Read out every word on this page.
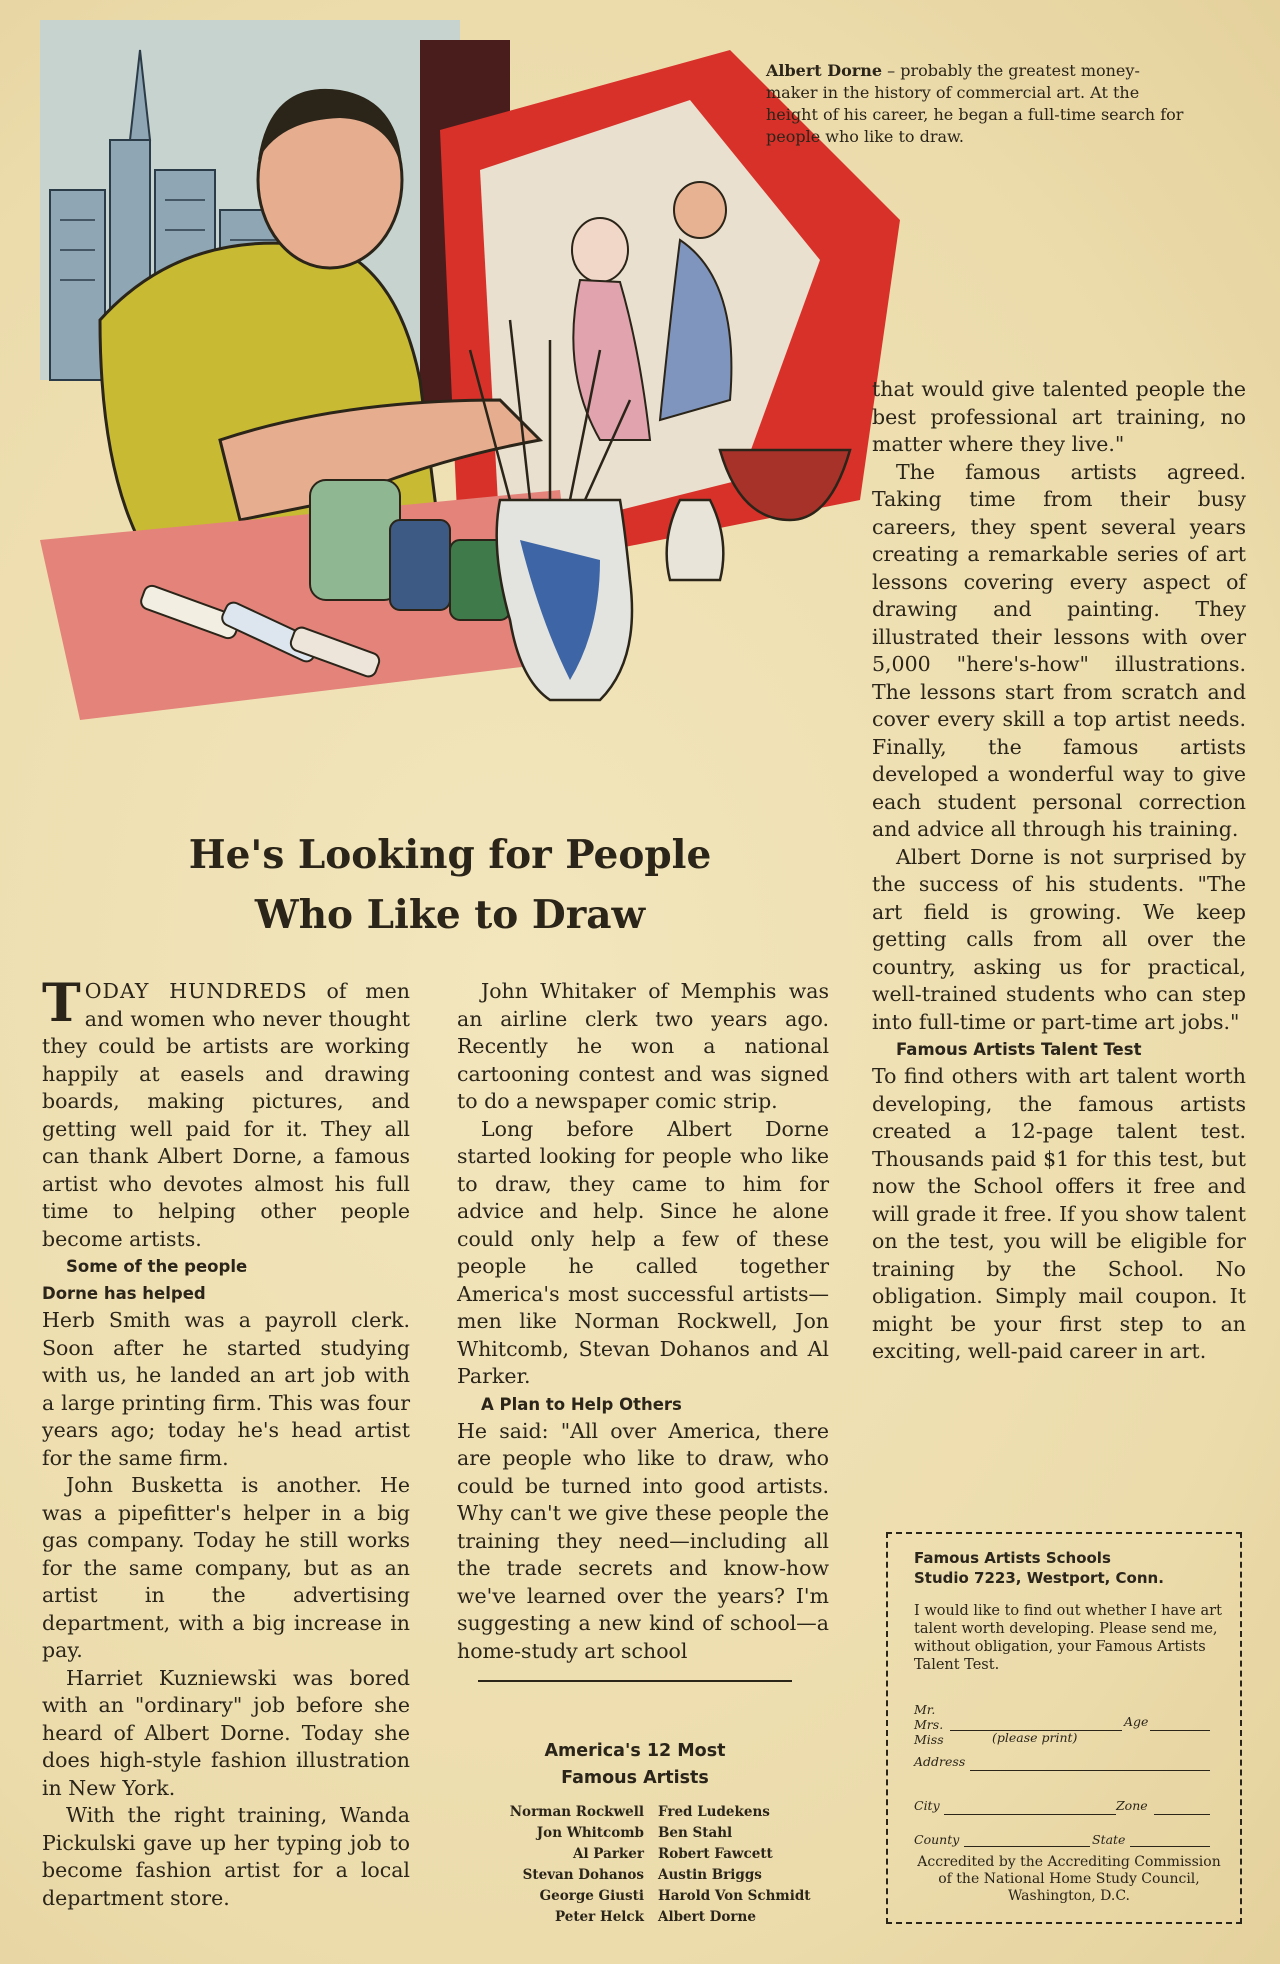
Albert Dorne – probably the greatest money-maker in the history of commercial art. At the height of his career, he began a full-time search for people who like to draw.
He's Looking for People
Who Like to Draw

TODAY HUNDREDS of men and women who never thought they could be artists are working happily at easels and drawing boards, making pictures, and getting well paid for it. They all can thank Albert Dorne, a famous artist who devotes almost his full time to helping other people become artists.

Some of the people
Dorne has helped

Herb Smith was a payroll clerk. Soon after he started studying with us, he landed an art job with a large printing firm. This was four years ago; today he's head artist for the same firm.

John Busketta is another. He was a pipefitter's helper in a big gas company. Today he still works for the same company, but as an artist in the advertising department, with a big increase in pay.

Harriet Kuzniewski was bored with an "ordinary" job before she heard of Albert Dorne. Today she does high-style fashion illustration in New York.

With the right training, Wanda Pickulski gave up her typing job to become fashion artist for a local department store.

John Whitaker of Memphis was an airline clerk two years ago. Recently he won a national cartooning contest and was signed to do a newspaper comic strip.

Long before Albert Dorne started looking for people who like to draw, they came to him for advice and help. Since he alone could only help a few of these people he called together America's most successful artists—men like Norman Rockwell, Jon Whitcomb, Stevan Dohanos and Al Parker.

A Plan to Help Others

He said: "All over America, there are people who like to draw, who could be turned into good artists. Why can't we give these people the training they need—including all the trade secrets and know-how we've learned over the years? I'm suggesting a new kind of school—a home-study art school

that would give talented people the best professional art training, no matter where they live."

The famous artists agreed. Taking time from their busy careers, they spent several years creating a remarkable series of art lessons covering every aspect of drawing and painting. They illustrated their lessons with over 5,000 "here's-how" illustrations. The lessons start from scratch and cover every skill a top artist needs. Finally, the famous artists developed a wonderful way to give each student personal correction and advice all through his training.

Albert Dorne is not surprised by the success of his students. "The art field is growing. We keep getting calls from all over the country, asking us for practical, well-trained students who can step into full-time or part-time art jobs."

Famous Artists Talent Test

To find others with art talent worth developing, the famous artists created a 12-page talent test. Thousands paid $1 for this test, but now the School offers it free and will grade it free. If you show talent on the test, you will be eligible for training by the School. No obligation. Simply mail coupon. It might be your first step to an exciting, well-paid career in art.

America's 12 Most
Famous Artists
Norman Rockwell	Fred Ludekens
Jon Whitcomb	Ben Stahl
Al Parker	Robert Fawcett
Stevan Dohanos	Austin Briggs
George Giusti	Harold Von Schmidt
Peter Helck	Albert Dorne
Famous Artists Schools
Studio 7223, Westport, Conn.
I would like to find out whether I have art talent worth developing. Please send me, without obligation, your Famous Artists Talent Test.
Mr.
Mrs.
Miss	(please print)
Age
Address
City	Zone
County	State
Accredited by the Accrediting Commission of the National Home Study Council, Washington, D.C.
